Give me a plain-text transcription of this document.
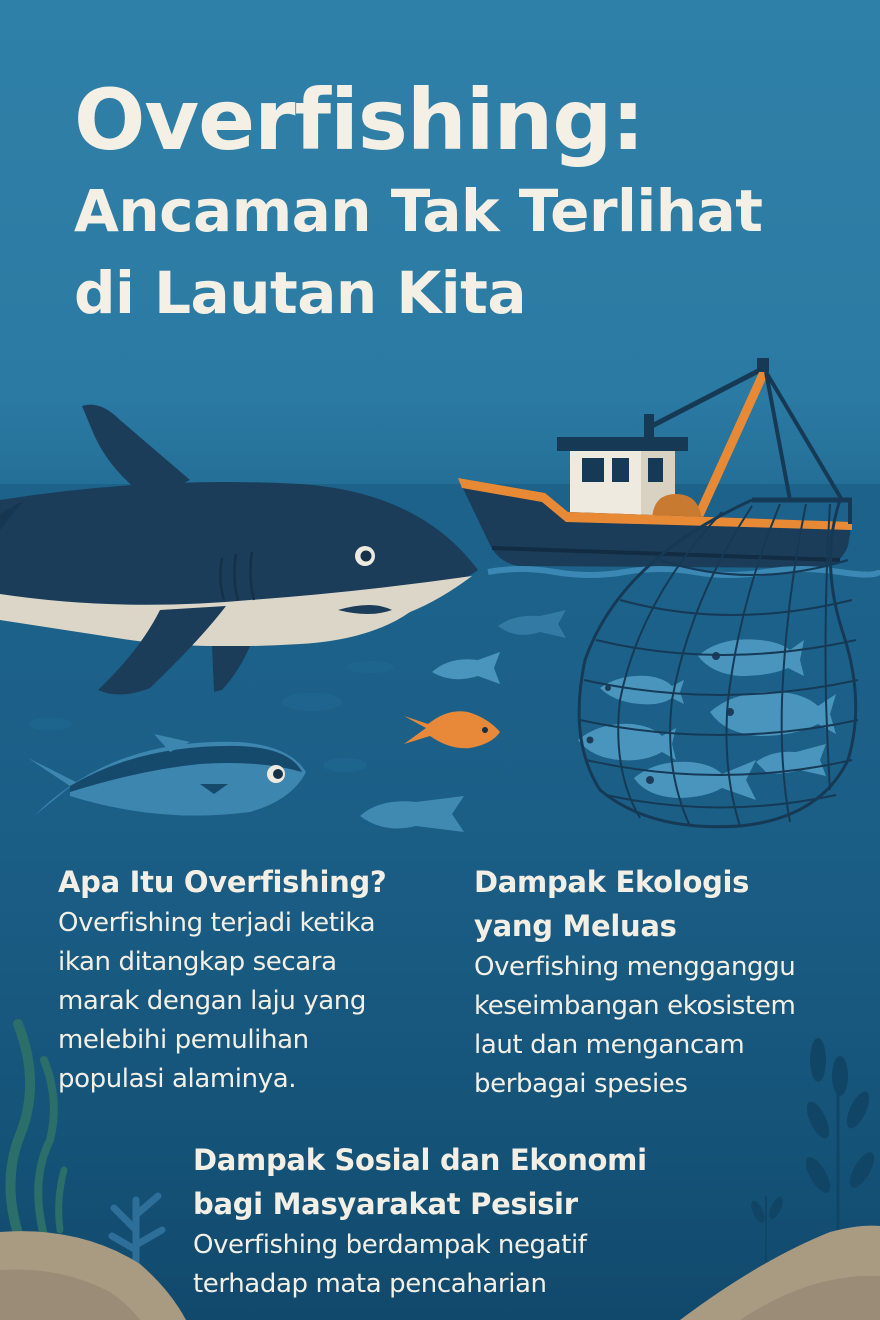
Overfishing:
Ancaman Tak Terlihat
di Lautan Kita
Apa Itu Overfishing?

Overfishing terjadi ketika
ikan ditangkap secara
marak dengan laju yang
melebihi pemulihan
populasi alaminya.

Dampak Ekologis
yang Meluas

Overfishing mengganggu
keseimbangan ekosistem
laut dan mengancam
berbagai spesies

Dampak Sosial dan Ekonomi
bagi Masyarakat Pesisir

Overfishing berdampak negatif
terhadap mata pencaharian
